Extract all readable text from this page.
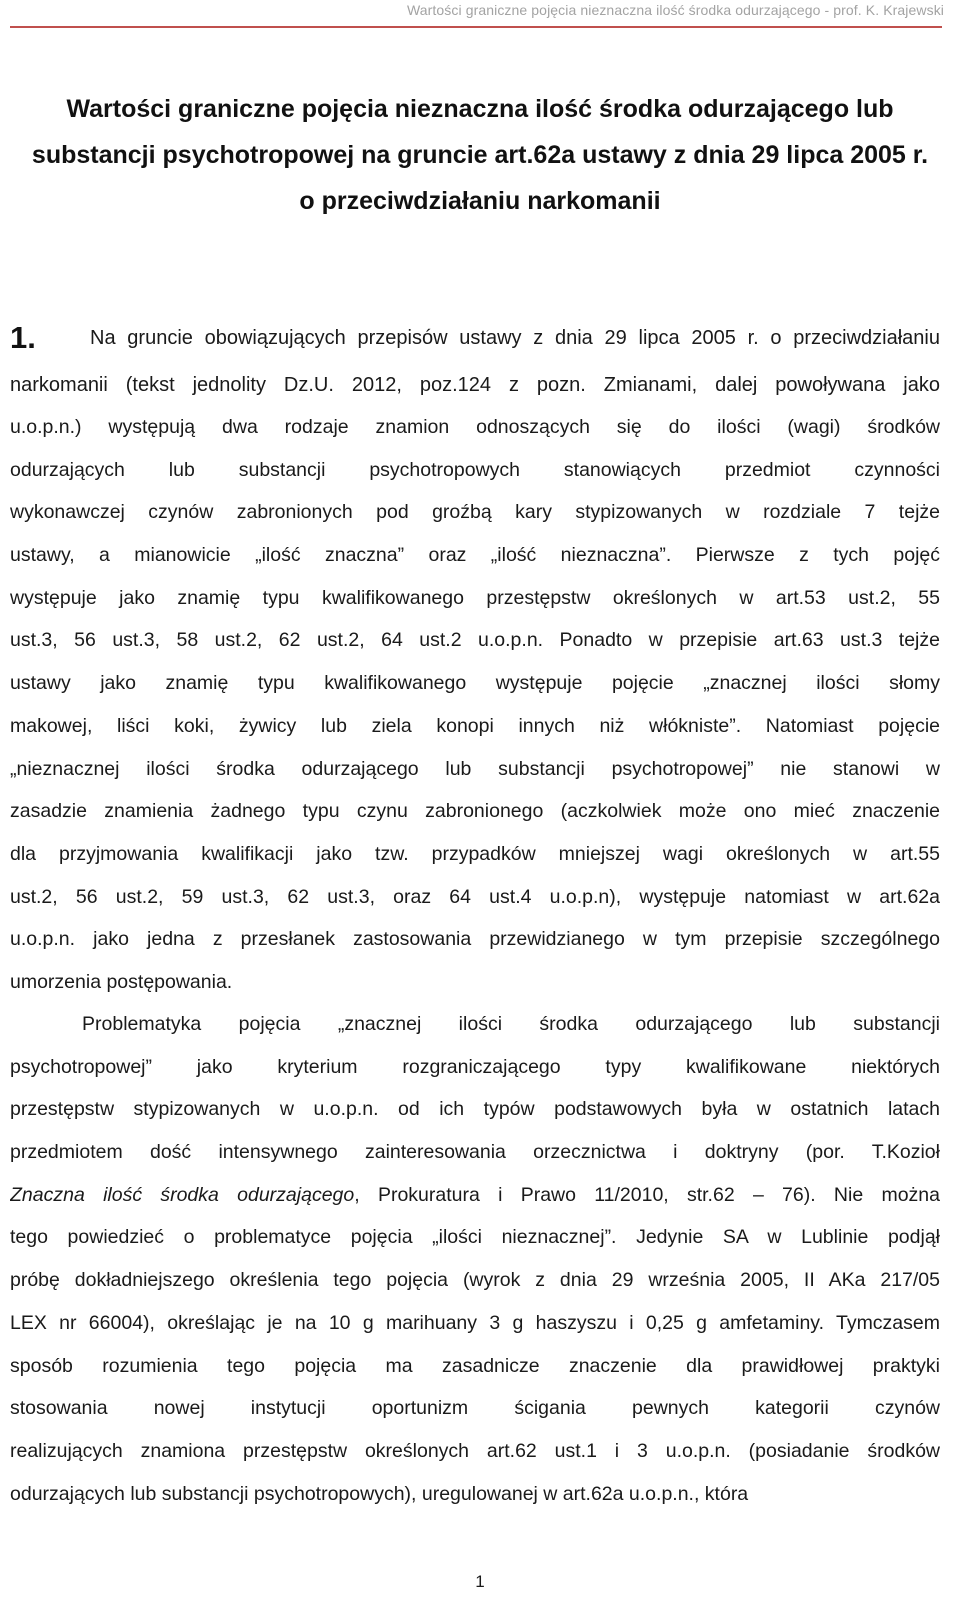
Wartości graniczne pojęcia nieznaczna ilość środka odurzającego - prof. K. Krajewski
Wartości graniczne pojęcia nieznaczna ilość środka odurzającego lub
substancji psychotropowej na gruncie art.62a ustawy z dnia 29 lipca 2005 r.
o przeciwdziałaniu narkomanii
1.	Na gruncie obowiązujących przepisów ustawy z dnia 29 lipca 2005 r. o przeciwdziałaniu
narkomanii (tekst jednolity Dz.U. 2012, poz.124 z pozn. Zmianami, dalej powoływana jako
u.o.p.n.) występują dwa rodzaje znamion odnoszących się do ilości (wagi) środków
odurzających lub substancji psychotropowych stanowiących przedmiot czynności
wykonawczej czynów zabronionych pod groźbą kary stypizowanych w rozdziale 7 tejże
ustawy, a mianowicie „ilość znaczna” oraz „ilość nieznaczna”. Pierwsze z tych pojęć
występuje jako znamię typu kwalifikowanego przestępstw określonych w art.53 ust.2, 55
ust.3, 56 ust.3, 58 ust.2, 62 ust.2, 64 ust.2 u.o.p.n. Ponadto w przepisie art.63 ust.3 tejże
ustawy jako znamię typu kwalifikowanego występuje pojęcie „znacznej ilości słomy
makowej, liści koki, żywicy lub ziela konopi innych niż włókniste”. Natomiast pojęcie
„nieznacznej ilości środka odurzającego lub substancji psychotropowej” nie stanowi w
zasadzie znamienia żadnego typu czynu zabronionego (aczkolwiek może ono mieć znaczenie
dla przyjmowania kwalifikacji jako tzw. przypadków mniejszej wagi określonych w art.55
ust.2, 56 ust.2, 59 ust.3, 62 ust.3, oraz 64 ust.4 u.o.p.n), występuje natomiast w art.62a
u.o.p.n. jako jedna z przesłanek zastosowania przewidzianego w tym przepisie szczególnego
umorzenia postępowania.
Problematyka pojęcia „znacznej ilości środka odurzającego lub substancji
psychotropowej” jako kryterium rozgraniczającego typy kwalifikowane niektórych
przestępstw stypizowanych w u.o.p.n. od ich typów podstawowych była w ostatnich latach
przedmiotem dość intensywnego zainteresowania orzecznictwa i doktryny (por. T.Kozioł
Znaczna ilość środka odurzającego, Prokuratura i Prawo 11/2010, str.62 – 76). Nie można
tego powiedzieć o problematyce pojęcia „ilości nieznacznej”. Jedynie SA w Lublinie podjął
próbę dokładniejszego określenia tego pojęcia (wyrok z dnia 29 września 2005, II AKa 217/05
LEX nr 66004), określając je na 10 g marihuany 3 g haszyszu i 0,25 g amfetaminy. Tymczasem
sposób rozumienia tego pojęcia ma zasadnicze znaczenie dla prawidłowej praktyki
stosowania nowej instytucji oportunizm ścigania pewnych kategorii czynów
realizujących znamiona przestępstw określonych art.62 ust.1 i 3 u.o.p.n. (posiadanie środków
odurzających lub substancji psychotropowych), uregulowanej w art.62a u.o.p.n., która
1
